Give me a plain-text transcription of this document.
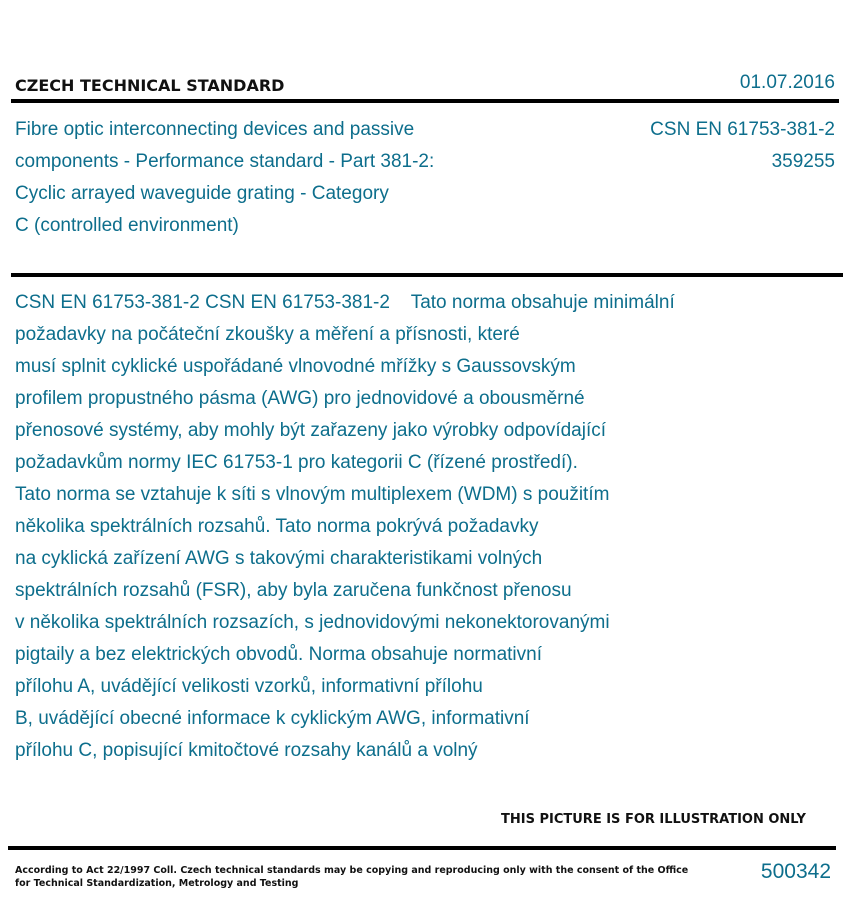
CZECH TECHNICAL STANDARD	01.07.2016
Fibre optic interconnecting devices and passive
components - Performance standard - Part 381-2:
Cyclic arrayed waveguide grating - Category
C (controlled environment)
CSN EN 61753-381-2
359255
CSN EN 61753-381-2 CSN EN 61753-381-2    Tato norma obsahuje minimální
požadavky na počáteční zkoušky a měření a přísnosti, které
musí splnit cyklické uspořádané vlnovodné mřížky s Gaussovským
profilem propustného pásma (AWG) pro jednovidové a obousměrné
přenosové systémy, aby mohly být zařazeny jako výrobky odpovídající
požadavkům normy IEC 61753-1 pro kategorii C (řízené prostředí).
Tato norma se vztahuje k síti s vlnovým multiplexem (WDM) s použitím
několika spektrálních rozsahů. Tato norma pokrývá požadavky
na cyklická zařízení AWG s takovými charakteristikami volných
spektrálních rozsahů (FSR), aby byla zaručena funkčnost přenosu
v několika spektrálních rozsazích, s jednovidovými nekonektorovanými
pigtaily a bez elektrických obvodů. Norma obsahuje normativní
přílohu A, uvádějící velikosti vzorků, informativní přílohu
B, uvádějící obecné informace k cyklickým AWG, informativní
přílohu C, popisující kmitočtové rozsahy kanálů a volný
THIS PICTURE IS FOR ILLUSTRATION ONLY
According to Act 22/1997 Coll. Czech technical standards may be copying and reproducing only with the consent of the Office
for Technical Standardization, Metrology and Testing
500342
